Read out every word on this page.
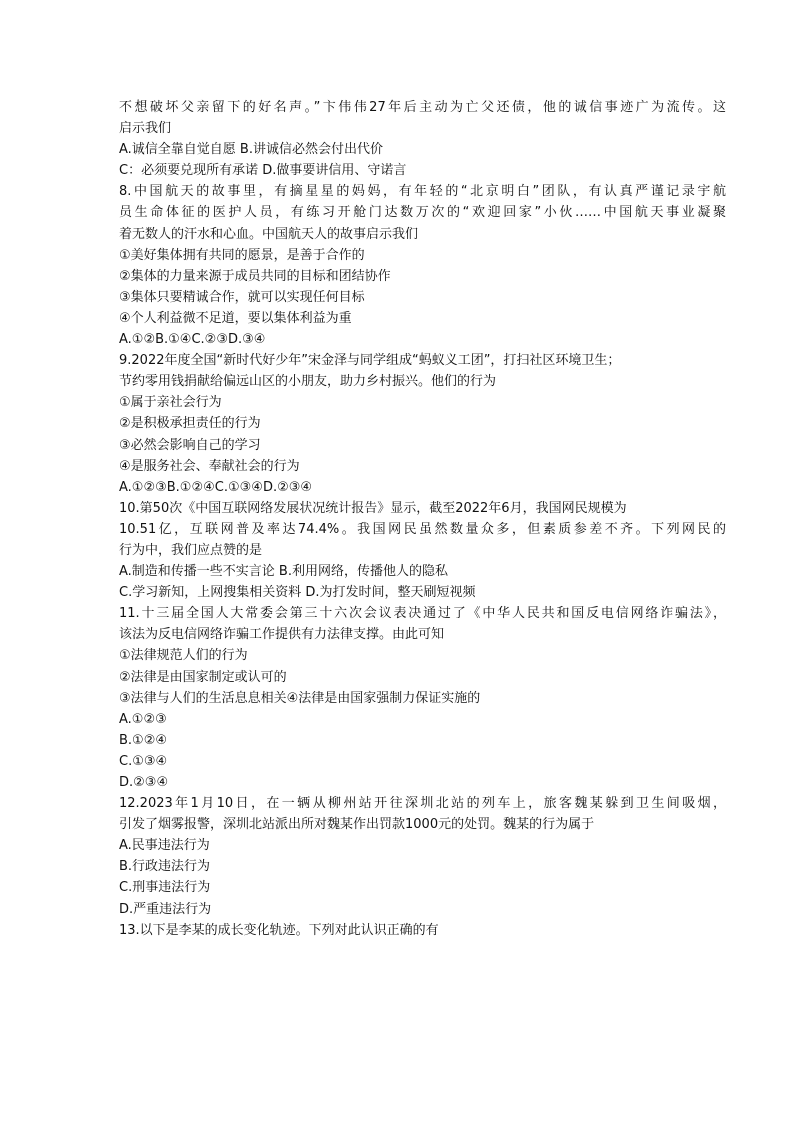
不想破坏父亲留下的好名声。”卞伟伟27年后主动为亡父还债，他的诚信事迹广为流传。这
启示我们
A.诚信全靠自觉自愿 B.讲诚信必然会付出代价
C：必须要兑现所有承诺 D.做事要讲信用、守诺言
8.中国航天的故事里，有摘星星的妈妈，有年轻的“北京明白”团队，有认真严谨记录宇航
员生命体征的医护人员，有练习开舱门达数万次的“欢迎回家”小伙……中国航天事业凝聚
着无数人的汗水和心血。中国航天人的故事启示我们
①美好集体拥有共同的愿景，是善于合作的
②集体的力量来源于成员共同的目标和团结协作
③集体只要精诚合作，就可以实现任何目标
④个人利益微不足道，要以集体利益为重
A.①②B.①④C.②③D.③④
9.2022年度全国“新时代好少年”宋金泽与同学组成“蚂蚁义工团”，打扫社区环境卫生；
节约零用钱捐献给偏远山区的小朋友，助力乡村振兴。他们的行为
①属于亲社会行为
②是积极承担责任的行为
③必然会影响自己的学习
④是服务社会、奉献社会的行为
A.①②③B.①②④C.①③④D.②③④
10.第50次《中国互联网络发展状况统计报告》显示，截至2022年6月，我国网民规模为
10.51亿，互联网普及率达74.4%。我国网民虽然数量众多，但素质参差不齐。下列网民的
行为中，我们应点赞的是
A.制造和传播一些不实言论 B.利用网络，传播他人的隐私
C.学习新知，上网搜集相关资料 D.为打发时间，整天刷短视频
11.十三届全国人大常委会第三十六次会议表决通过了《中华人民共和国反电信网络诈骗法》，
该法为反电信网络诈骗工作提供有力法律支撑。由此可知
①法律规范人们的行为
②法律是由国家制定或认可的
③法律与人们的生活息息相关④法律是由国家强制力保证实施的
A.①②③
B.①②④
C.①③④
D.②③④
12.2023年1月10日，在一辆从柳州站开往深圳北站的列车上，旅客魏某躲到卫生间吸烟，
引发了烟雾报警，深圳北站派出所对魏某作出罚款1000元的处罚。魏某的行为属于
A.民事违法行为
B.行政违法行为
C.刑事违法行为
D.严重违法行为
13.以下是李某的成长变化轨迹。下列对此认识正确的有
